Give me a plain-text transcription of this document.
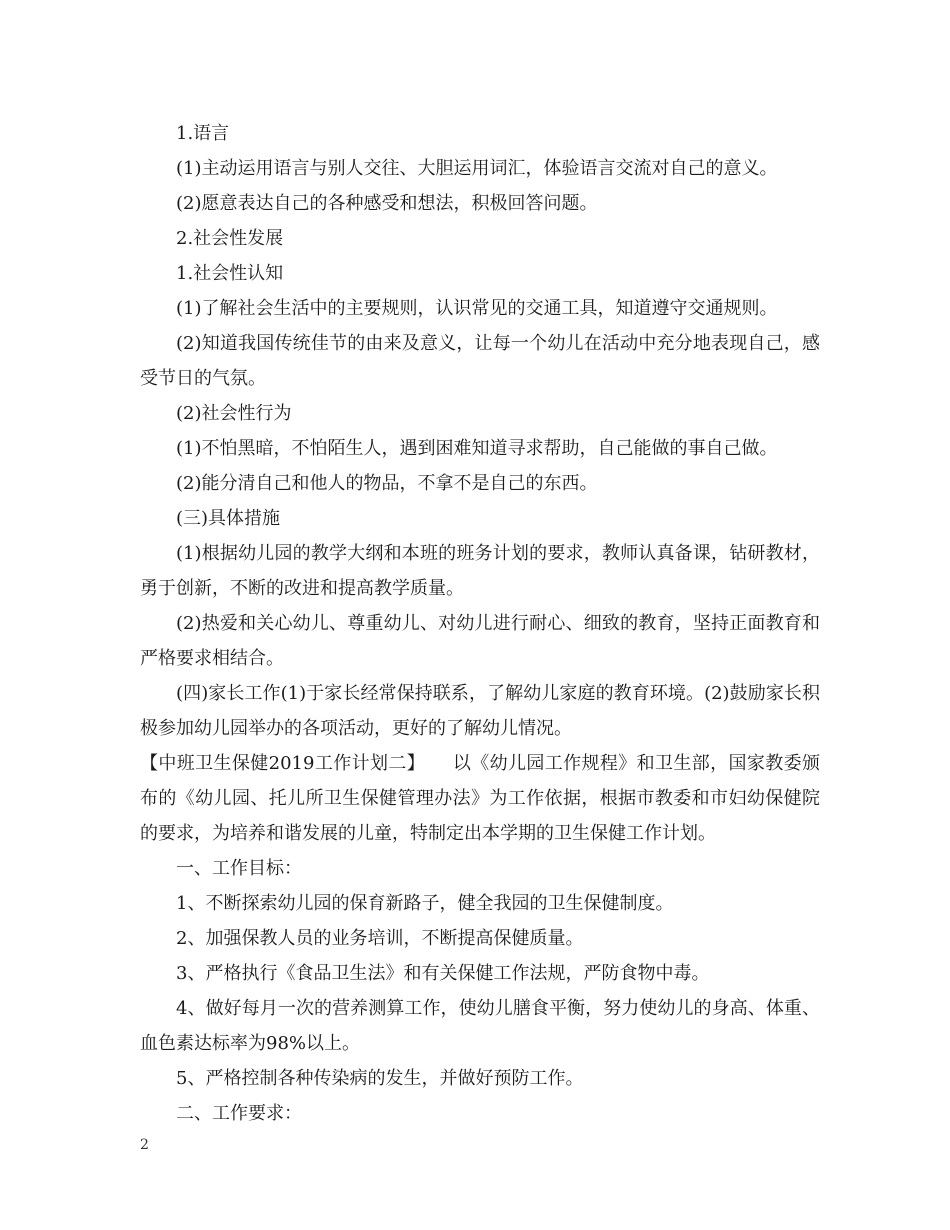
1.语言

(1)主动运用语言与别人交往、大胆运用词汇，体验语言交流对自己的意义。

(2)愿意表达自己的各种感受和想法，积极回答问题。

2.社会性发展

1.社会性认知

(1)了解社会生活中的主要规则，认识常见的交通工具，知道遵守交通规则。

(2)知道我国传统佳节的由来及意义，让每一个幼儿在活动中充分地表现自己，感受节日的气氛。

(2)社会性行为

(1)不怕黑暗，不怕陌生人，遇到困难知道寻求帮助，自己能做的事自己做。

(2)能分清自己和他人的物品，不拿不是自己的东西。

(三)具体措施

(1)根据幼儿园的教学大纲和本班的班务计划的要求，教师认真备课，钻研教材，勇于创新，不断的改进和提高教学质量。

(2)热爱和关心幼儿、尊重幼儿、对幼儿进行耐心、细致的教育，坚持正面教育和严格要求相结合。

(四)家长工作(1)于家长经常保持联系，了解幼儿家庭的教育环境。(2)鼓励家长积极参加幼儿园举办的各项活动，更好的了解幼儿情况。

【中班卫生保健2019工作计划二】　　以《幼儿园工作规程》和卫生部，国家教委颁布的《幼儿园、托儿所卫生保健管理办法》为工作依据，根据市教委和市妇幼保健院的要求，为培养和谐发展的儿童，特制定出本学期的卫生保健工作计划。

一、工作目标：

1、不断探索幼儿园的保育新路子，健全我园的卫生保健制度。

2、加强保教人员的业务培训，不断提高保健质量。

3、严格执行《食品卫生法》和有关保健工作法规，严防食物中毒。

4、做好每月一次的营养测算工作，使幼儿膳食平衡，努力使幼儿的身高、体重、血色素达标率为98%以上。

5、严格控制各种传染病的发生，并做好预防工作。

二、工作要求：

2
